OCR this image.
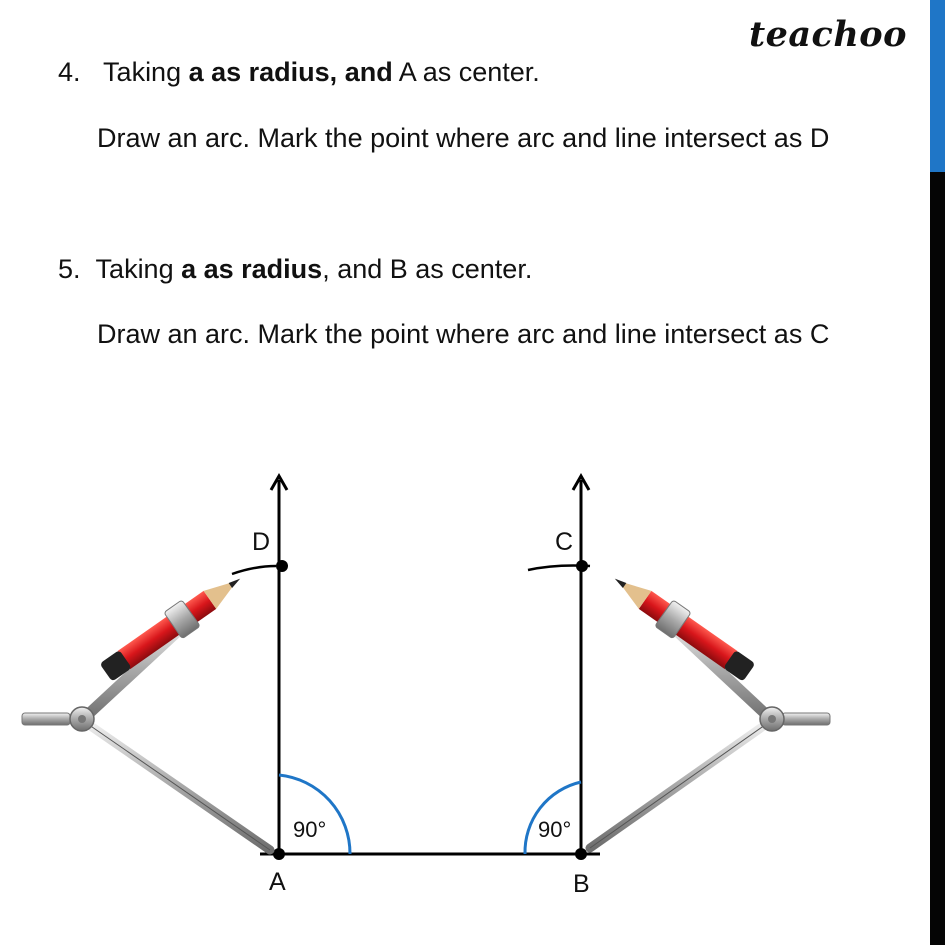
teachoo
4. Taking a as radius, and A as center.
Draw an arc. Mark the point where arc and line intersect as D
5. Taking a as radius, and B as center.
Draw an arc. Mark the point where arc and line intersect as C
A	B
D	C
90°	90°
